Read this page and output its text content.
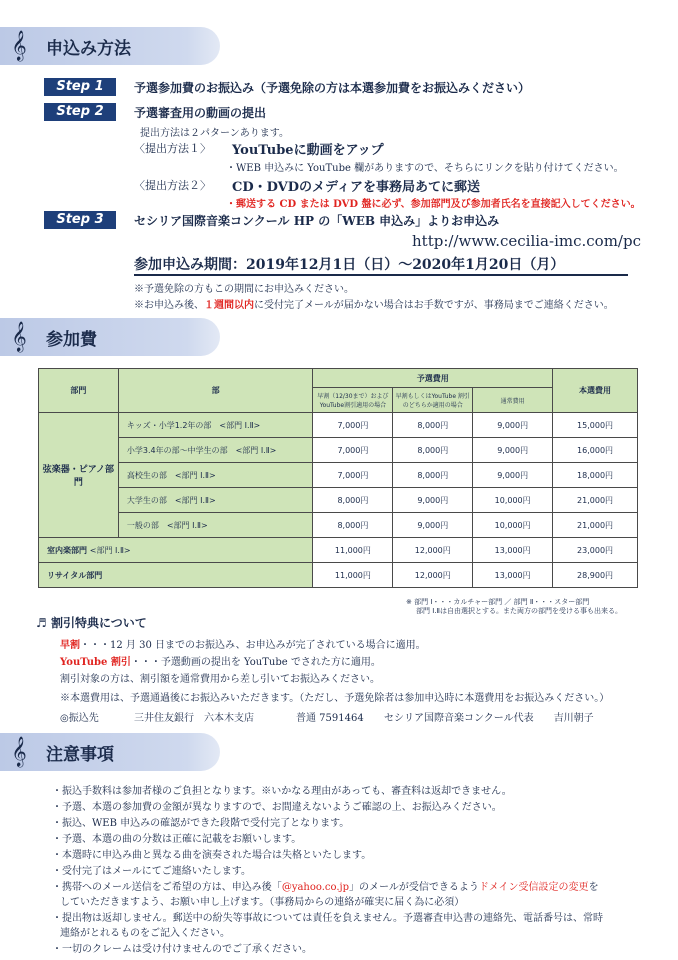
𝄞	申込み方法
Step 1	予選参加費のお振込み（予選免除の方は本選参加費をお振込みください）
Step 2	予選審査用の動画の提出
提出方法は２パターンあります。
〈提出方法１〉 YouTubeに動画をアップ
・WEB 申込みに YouTube 欄がありますので、そちらにリンクを貼り付けてください。
〈提出方法２〉 CD・DVDのメディアを事務局あてに郵送
・郵送する CD または DVD 盤に必ず、参加部門及び参加者氏名を直接記入してください。
Step 3	セシリア国際音楽コンクール HP の「WEB 申込み」よりお申込み
http://www.cecilia-imc.com/pc
参加申込み期間：2019年12月1日（日）～2020年1月20日（月）
※予選免除の方もこの期間にお申込みください。
※お申込み後、１週間以内に受付完了メールが届かない場合はお手数ですが、事務局までご連絡ください。
𝄞	参加費
部門	部	予選費用			本選費用
		早割（12/30まで）および YouTube割引適用の場合	早割もしくはYouTube 割引のどちらか適用の場合	通常費用	
弦楽器・ピアノ部門	キッズ・小学1.2年の部　<部門 Ⅰ.Ⅱ>	7,000円	8,000円	9,000円	15,000円
	小学3.4年の部～中学生の部　<部門 Ⅰ.Ⅱ>	7,000円	8,000円	9,000円	16,000円
	高校生の部　<部門 Ⅰ.Ⅱ>	7,000円	8,000円	9,000円	18,000円
	大学生の部　<部門 Ⅰ.Ⅱ>	8,000円	9,000円	10,000円	21,000円
	一般の部　<部門 Ⅰ.Ⅱ>	8,000円	9,000円	10,000円	21,000円
室内楽部門 <部門 Ⅰ.Ⅱ>		11,000円	12,000円	13,000円	23,000円
リサイタル部門		11,000円	12,000円	13,000円	28,900円
※ 部門 Ⅰ・・・カルチャー部門 ／ 部門 Ⅱ・・・スター部門
部門 Ⅰ.Ⅱは自由選択とする。また両方の部門を受ける事も出来る。
♬ 割引特典について
早割・・・12 月 30 日までのお振込み、お申込みが完了されている場合に適用。
YouTube 割引・・・予選動画の提出を YouTube でされた方に適用。
割引対象の方は、割引額を通常費用から差し引いてお振込みください。
※本選費用は、予選通過後にお振込みいただきます。（ただし、予選免除者は参加申込時に本選費用をお振込みください。）
◎振込先	三井住友銀行　六本木支店	普通 7591464 セシリア国際音楽コンクール代表　　吉川朝子
𝄞	注意事項
・振込手数料は参加者様のご負担となります。※いかなる理由があっても、審査料は返却できません。
・予選、本選の参加費の金額が異なりますので、お間違えないようご確認の上、お振込みください。
・振込、WEB 申込みの確認ができた段階で受付完了となります。
・予選、本選の曲の分数は正確に記載をお願いします。
・本選時に申込み曲と異なる曲を演奏された場合は失格といたします。
・受付完了はメールにてご連絡いたします。
・携帯へのメール送信をご希望の方は、申込み後「@yahoo.co.jp」のメールが受信できるようドメイン受信設定の変更を
していただきますよう、お願い申し上げます。（事務局からの連絡が確実に届く為に必須）
・提出物は返却しません。郵送中の紛失等事故については責任を負えません。予選審査申込書の連絡先、電話番号は、常時
連絡がとれるものをご記入ください。
・一切のクレームは受け付けませんのでご了承ください。
